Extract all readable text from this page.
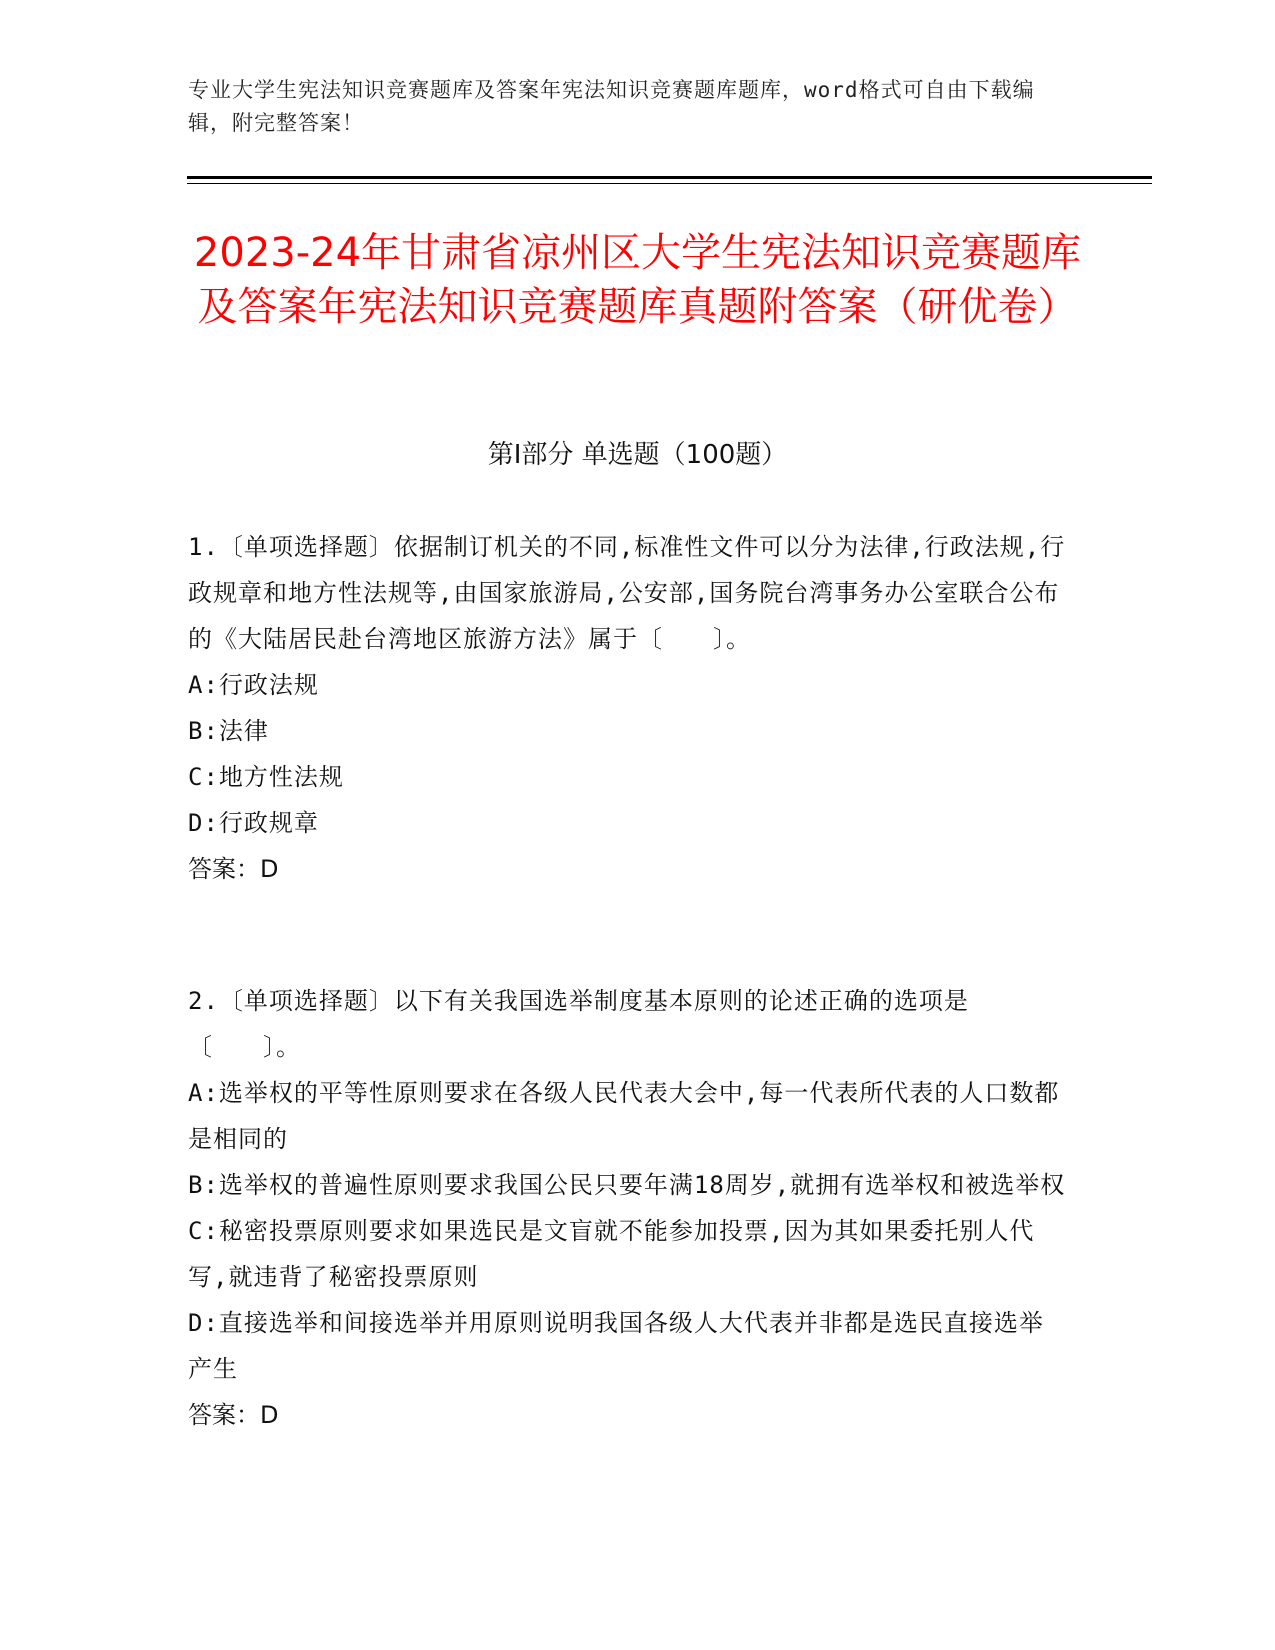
专业大学生宪法知识竞赛题库及答案年宪法知识竞赛题库题库，word格式可自由下载编辑，附完整答案！
2023-24年甘肃省凉州区大学生宪法知识竞赛题库及答案年宪法知识竞赛题库真题附答案（研优卷）
第Ⅰ部分 单选题（100题）

1.〔单项选择题〕依据制订机关的不同,标准性文件可以分为法律,行政法规,行政规章和地方性法规等,由国家旅游局,公安部,国务院台湾事务办公室联合公布的《大陆居民赴台湾地区旅游方法》属于〔　　〕。

A:行政法规

B:法律

C:地方性法规

D:行政规章

答案：D

2.〔单项选择题〕以下有关我国选举制度基本原则的论述正确的选项是〔　　〕。

A:选举权的平等性原则要求在各级人民代表大会中,每一代表所代表的人口数都是相同的

B:选举权的普遍性原则要求我国公民只要年满18周岁,就拥有选举权和被选举权

C:秘密投票原则要求如果选民是文盲就不能参加投票,因为其如果委托别人代写,就违背了秘密投票原则

D:直接选举和间接选举并用原则说明我国各级人大代表并非都是选民直接选举产生

答案：D
